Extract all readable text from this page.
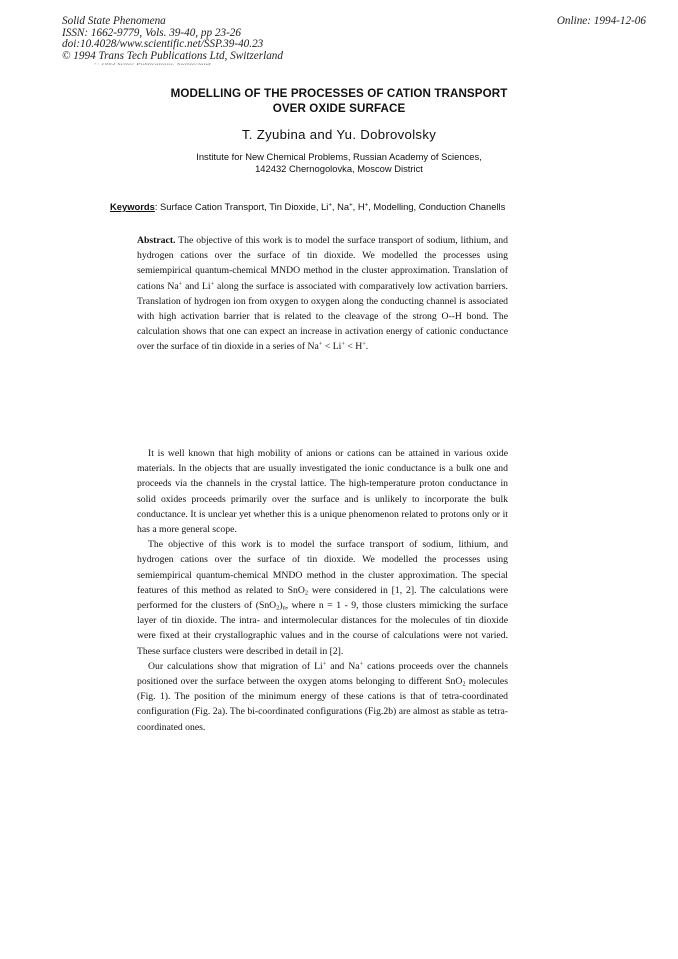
Solid State Phenomena
ISSN: 1662-9779, Vols. 39-40, pp 23-26
doi:10.4028/www.scientific.net/SSP.39-40.23
© 1994 Trans Tech Publications Ltd, Switzerland
Online: 1994-12-06
© 1994 Scitec Publications, Switzerland
MODELLING OF THE PROCESSES OF CATION TRANSPORT
OVER OXIDE SURFACE
T. Zyubina and Yu. Dobrovolsky
Institute for New Chemical Problems, Russian Academy of Sciences,
142432 Chernogolovka, Moscow District
Keywords: Surface Cation Transport, Tin Dioxide, Li+, Na+, H+, Modelling, Conduction Chanells

Abstract. The objective of this work is to model the surface transport of sodium, lithium, and hydrogen cations over the surface of tin dioxide. We modelled the processes using semiempirical quantum-chemical MNDO method in the cluster approximation. Translation of cations Na+ and Li+ along the surface is associated with comparatively low activation barriers. Translation of hydrogen ion from oxygen to oxygen along the conducting channel is associated with high activation barrier that is related to the cleavage of the strong O--H bond. The calculation shows that one can expect an increase in activation energy of cationic conductance over the surface of tin dioxide in a series of Na+ < Li+ < H+.

It is well known that high mobility of anions or cations can be attained in various oxide materials. In the objects that are usually investigated the ionic conductance is a bulk one and proceeds via the channels in the crystal lattice. The high-temperature proton conductance in solid oxides proceeds primarily over the surface and is unlikely to incorporate the bulk conductance. It is unclear yet whether this is a unique phenomenon related to protons only or it has a more general scope.

The objective of this work is to model the surface transport of sodium, lithium, and hydrogen cations over the surface of tin dioxide. We modelled the processes using semiempirical quantum-chemical MNDO method in the cluster approximation. The special features of this method as related to SnO$_2$ were considered in [1, 2]. The calculations were performed for the clusters of $(SnO_2)_n$, where n = 1 - 9, those clusters mimicking the surface layer of tin dioxide. The intra- and intermolecular distances for the molecules of tin dioxide were fixed at their crystallographic values and in the course of calculations were not varied. These surface clusters were described in detail in [2].

Our calculations show that migration of Li+ and Na+ cations proceeds over the channels positioned over the surface between the oxygen atoms belonging to different SnO$_2$ molecules (Fig. 1). The position of the minimum energy of these cations is that of tetra-coordinated configuration (Fig. 2a). The bi-coordinated configurations (Fig.2b) are almost as stable as tetra-coordinated ones.
